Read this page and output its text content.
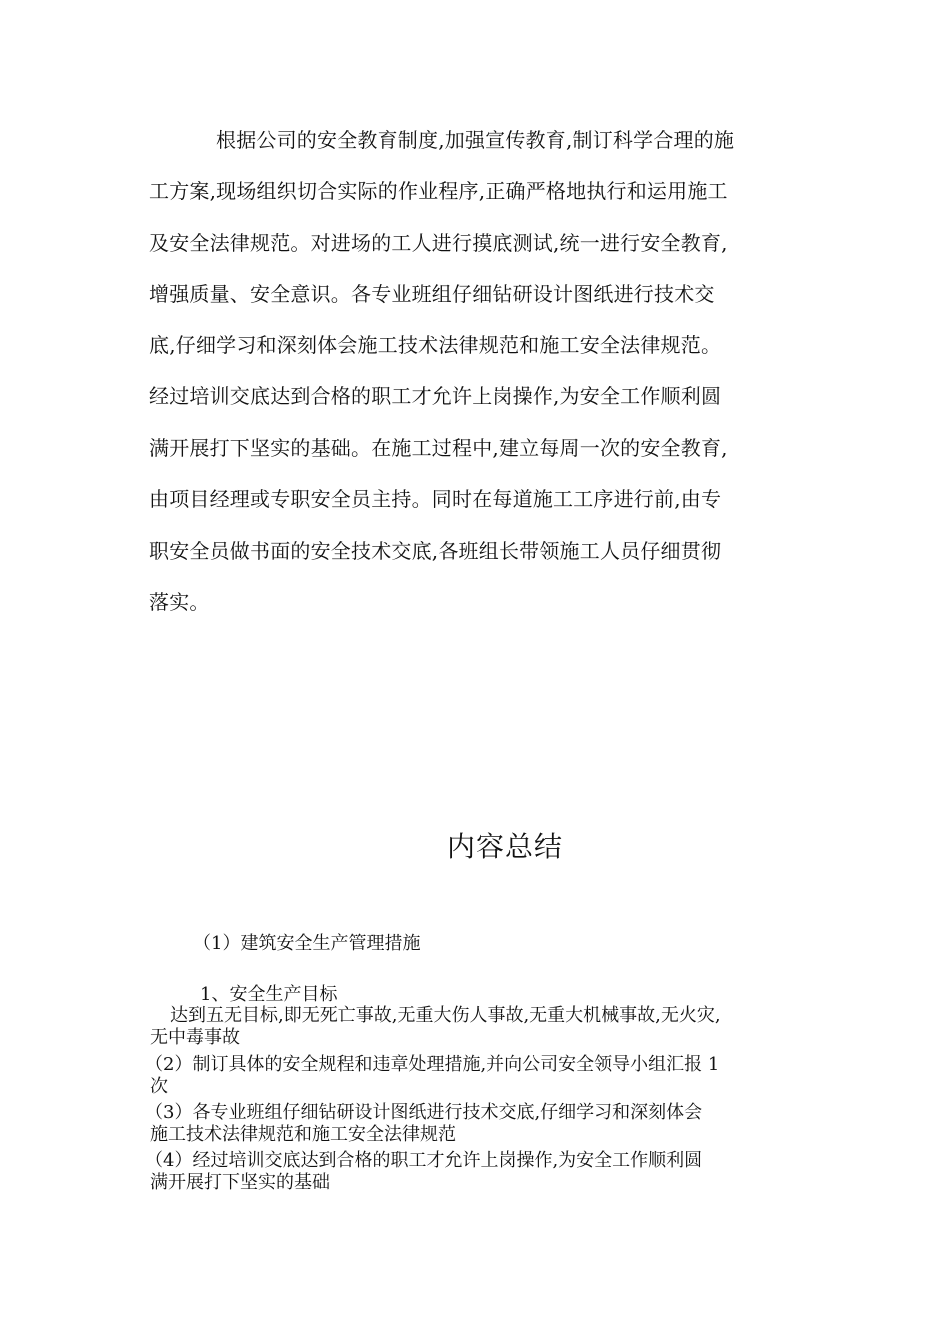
根据公司的安全教育制度,加强宣传教育,制订科学合理的施
工方案,现场组织切合实际的作业程序,正确严格地执行和运用施工
及安全法律规范。对进场的工人进行摸底测试,统一进行安全教育,
增强质量、安全意识。各专业班组仔细钻研设计图纸进行技术交
底,仔细学习和深刻体会施工技术法律规范和施工安全法律规范。
经过培训交底达到合格的职工才允许上岗操作,为安全工作顺利圆
满开展打下坚实的基础。在施工过程中,建立每周一次的安全教育,
由项目经理或专职安全员主持。同时在每道施工工序进行前,由专
职安全员做书面的安全技术交底,各班组长带领施工人员仔细贯彻
落实。
内容总结
（1）建筑安全生产管理措施
1、安全生产目标
达到五无目标,即无死亡事故,无重大伤人事故,无重大机械事故,无火灾,
无中毒事故
（2）制订具体的安全规程和违章处理措施,并向公司安全领导小组汇报 1
次
（3）各专业班组仔细钻研设计图纸进行技术交底,仔细学习和深刻体会
施工技术法律规范和施工安全法律规范
（4）经过培训交底达到合格的职工才允许上岗操作,为安全工作顺利圆
满开展打下坚实的基础
